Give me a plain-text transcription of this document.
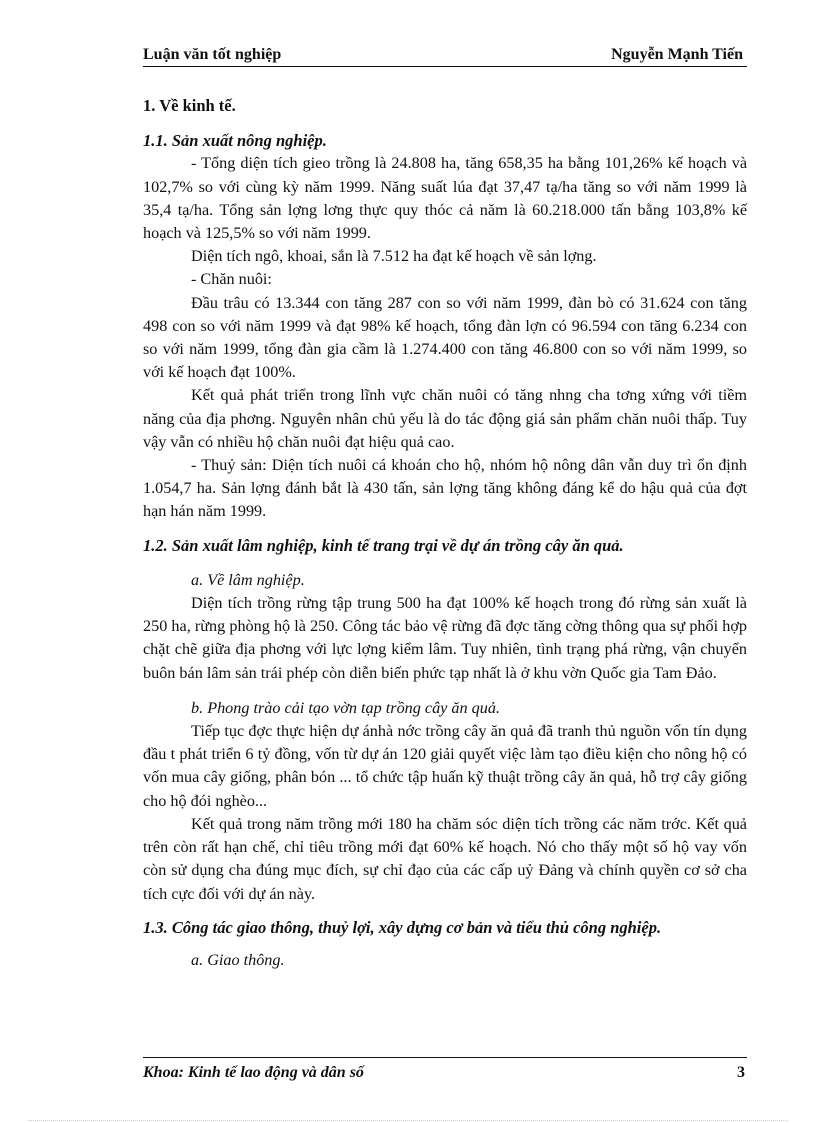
Luận văn tốt nghiệp	Nguyễn Mạnh Tiến
1. Về kinh tế.
1.1. Sản xuất nông nghiệp.

- Tổng diện tích gieo trồng là 24.808 ha, tăng 658,35 ha bằng 101,26% kế hoạch và 102,7% so với cùng kỳ năm 1999. Năng suất lúa đạt 37,47 tạ/ha tăng so với năm 1999 là 35,4 tạ/ha. Tổng sản lợng lơng thực quy thóc cả năm là 60.218.000 tấn bằng 103,8% kế hoạch và 125,5% so với năm 1999.

Diện tích ngô, khoai, sắn là 7.512 ha đạt kế hoạch về sản lợng.

- Chăn nuôi:

Đầu trâu có 13.344 con tăng 287 con so với năm 1999, đàn bò có 31.624 con tăng 498 con so với năm 1999 và đạt 98% kế hoạch, tổng đàn lợn có 96.594 con tăng 6.234 con so với năm 1999, tổng đàn gia cầm là 1.274.400 con tăng 46.800 con so với năm 1999, so với kế hoạch đạt 100%.

Kết quả phát triển trong lĩnh vực chăn nuôi có tăng nhng cha tơng xứng với tiềm năng của địa phơng. Nguyên nhân chủ yếu là do tác động giá sản phẩm chăn nuôi thấp. Tuy vậy vẫn có nhiều hộ chăn nuôi đạt hiệu quả cao.

- Thuỷ sản: Diện tích nuôi cá khoán cho hộ, nhóm hộ nông dân vẫn duy trì ổn định 1.054,7 ha. Sản lợng đánh bắt là 430 tấn, sản lợng tăng không đáng kể do hậu quả của đợt hạn hán năm 1999.

1.2. Sản xuất lâm nghiệp, kinh tế trang trại về dự án trồng cây ăn quả.
a. Về lâm nghiệp.

Diện tích trồng rừng tập trung 500 ha đạt 100% kế hoạch trong đó rừng sản xuất là 250 ha, rừng phòng hộ là 250. Công tác bảo vệ rừng đã đợc tăng cờng thông qua sự phối hợp chặt chẽ giữa địa phơng với lực lợng kiểm lâm. Tuy nhiên, tình trạng phá rừng, vận chuyển buôn bán lâm sản trái phép còn diễn biến phức tạp nhất là ở khu vờn Quốc gia Tam Đảo.

b. Phong trào cải tạo vờn tạp trồng cây ăn quả.

Tiếp tục đợc thực hiện dự ánhà nớc trồng cây ăn quả đã tranh thủ nguồn vốn tín dụng đầu t phát triển 6 tỷ đồng, vốn từ dự án 120 giải quyết việc làm tạo điều kiện cho nông hộ có vốn mua cây giống, phân bón ... tổ chức tập huấn kỹ thuật trồng cây ăn quả, hỗ trợ cây giống cho hộ đói nghèo...

Kết quả trong năm trồng mới 180 ha chăm sóc diện tích trồng các năm trớc. Kết quả trên còn rất hạn chế, chỉ tiêu trồng mới đạt 60% kế hoạch. Nó cho thấy một số hộ vay vốn còn sử dụng cha đúng mục đích, sự chỉ đạo của các cấp uỷ Đảng và chính quyền cơ sở cha tích cực đối với dự án này.

1.3. Công tác giao thông, thuỷ lợi, xây dựng cơ bản và tiểu thủ công nghiệp.
a. Giao thông.
Khoa: Kinh tế lao động và dân số	3
